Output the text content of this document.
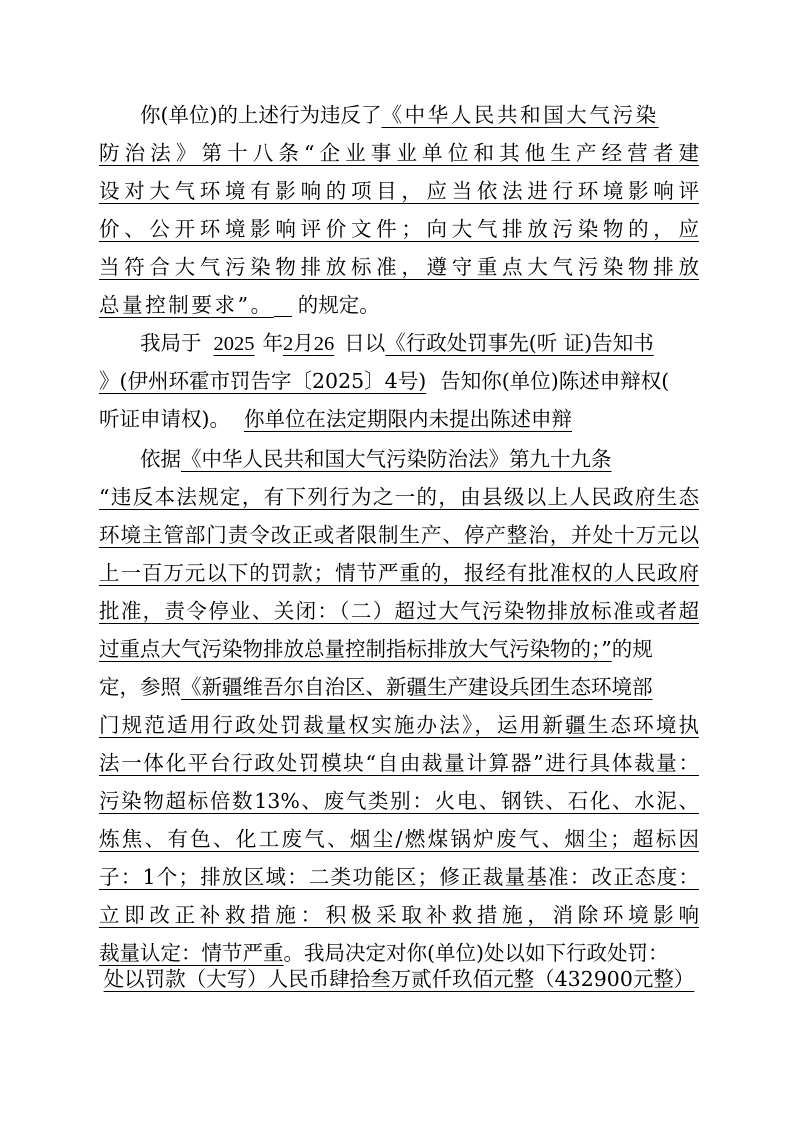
你(单位)的上述行为违反了《中华人民共和国大气污染
防治法》第十八条“企业事业单位和其他生产经营者建
设对大气环境有影响的项目，应当依法进行环境影响评
价、公开环境影响评价文件；向大气排放污染物的，应
当符合大气污染物排放标准，遵守重点大气污染物排放
总量控制要求”。 的规定。
我局于 2025 年2月26 日以《行政处罚事先(听 证)告知书
》(伊州环霍市罚告字〔2025〕4号) 告知你(单位)陈述申辩权(
听证申请权)。 你单位在法定期限内未提出陈述申辩
依据《中华人民共和国大气污染防治法》第九十九条
“违反本法规定，有下列行为之一的，由县级以上人民政府生态
环境主管部门责令改正或者限制生产、停产整治，并处十万元以
上一百万元以下的罚款；情节严重的，报经有批准权的人民政府
批准，责令停业、关闭：（二）超过大气污染物排放标准或者超
过重点大气污染物排放总量控制指标排放大气污染物的；”的规
定，参照《新疆维吾尔自治区、新疆生产建设兵团生态环境部
门规范适用行政处罚裁量权实施办法》，运用新疆生态环境执
法一体化平台行政处罚模块“自由裁量计算器”进行具体裁量：
污染物超标倍数13%、废气类别：火电、钢铁、石化、水泥、
炼焦、有色、化工废气、烟尘/燃煤锅炉废气、烟尘；超标因
子：1个；排放区域：二类功能区；修正裁量基准：改正态度：
立即改正补救措施：积极采取补救措施，消除环境影响
裁量认定：情节严重。我局决定对你(单位)处以如下行政处罚：
处以罚款（大写）人民币肆拾叁万贰仟玖佰元整（432900元整）
